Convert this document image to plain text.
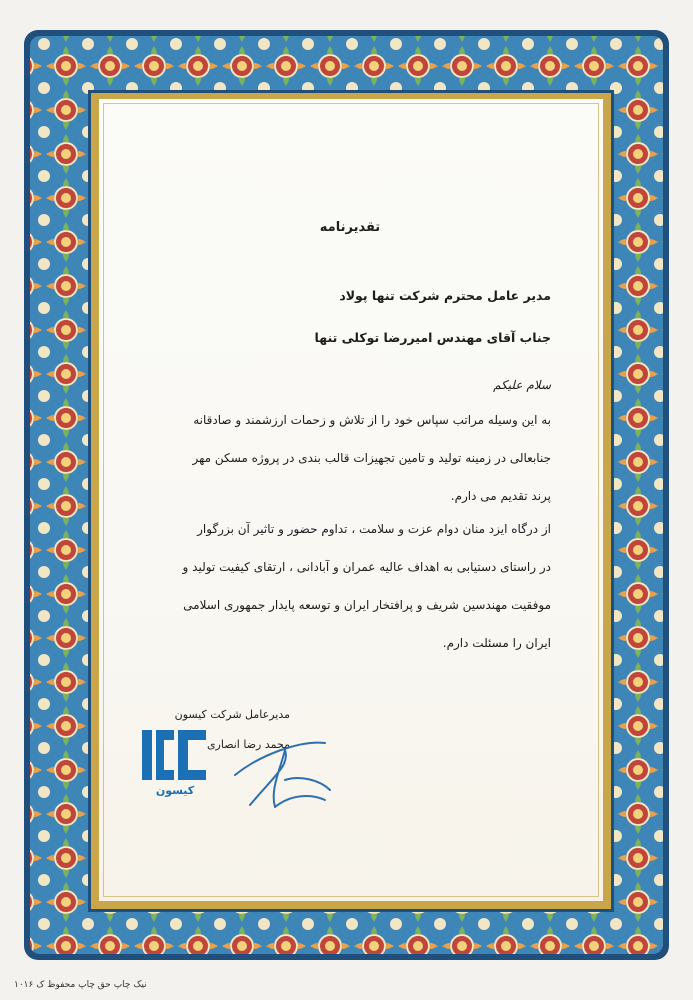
تقدیرنامه
مدیر عامل محترم شرکت تنها پولاد
جناب آقای مهندس امیررضا توکلی تنها
سلام علیکم
به این وسیله مراتب سپاس خود را از تلاش و زحمات ارزشمند و صادقانه
جنابعالی در زمینه تولید و تامین تجهیزات قالب بندی در پروژه مسکن مهر
پرند تقدیم می دارم.
از درگاه ایزد منان دوام عزت و سلامت ، تداوم حضور و تاثیر آن بزرگوار
در راستای دستیابی به اهداف عالیه عمران و آبادانی ، ارتقای کیفیت تولید و
موفقیت مهندسین شریف و پرافتخار ایران و توسعه پایدار جمهوری اسلامی
ایران را مسئلت دارم.
مدیرعامل شرکت کیسون
محمد رضا انصاری
کیسون
نیک چاپ حق چاپ محفوظ ک ۱۰۱۶
